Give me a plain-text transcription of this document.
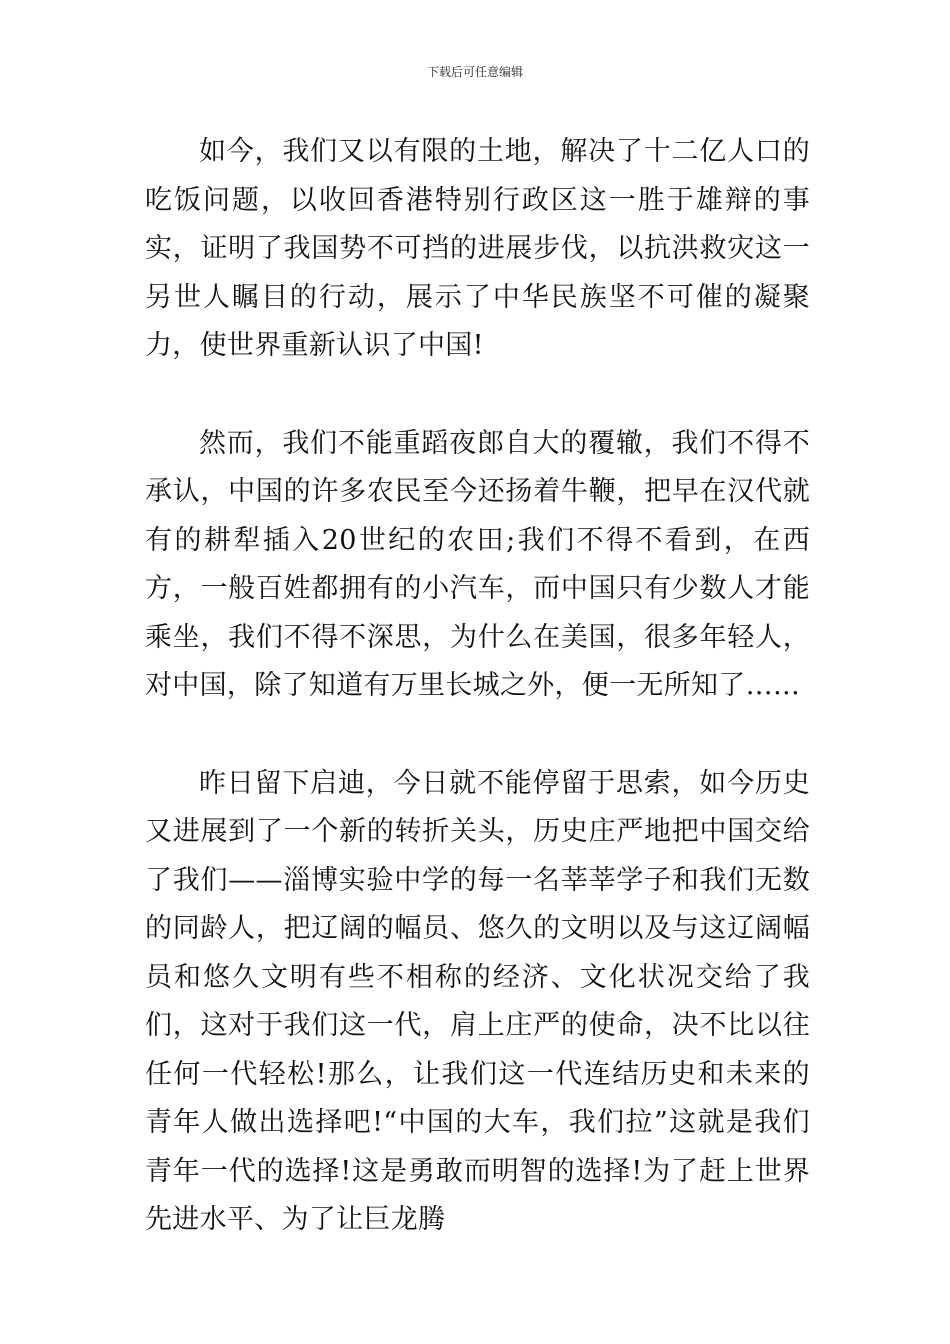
下载后可任意编辑

如今，我们又以有限的土地，解决了十二亿人口的吃饭问题，以收回香港特别行政区这一胜于雄辩的事实，证明了我国势不可挡的进展步伐，以抗洪救灾这一另世人瞩目的行动，展示了中华民族坚不可催的凝聚力，使世界重新认识了中国!

然而，我们不能重蹈夜郎自大的覆辙，我们不得不承认，中国的许多农民至今还扬着牛鞭，把早在汉代就有的耕犁插入20世纪的农田;我们不得不看到，在西方，一般百姓都拥有的小汽车，而中国只有少数人才能乘坐，我们不得不深思，为什么在美国，很多年轻人，对中国，除了知道有万里长城之外，便一无所知了……

昨日留下启迪，今日就不能停留于思索，如今历史又进展到了一个新的转折关头，历史庄严地把中国交给了我们——淄博实验中学的每一名莘莘学子和我们无数的同龄人，把辽阔的幅员、悠久的文明以及与这辽阔幅员和悠久文明有些不相称的经济、文化状况交给了我们，这对于我们这一代，肩上庄严的使命，决不比以往任何一代轻松!那么，让我们这一代连结历史和未来的青年人做出选择吧!“中国的大车，我们拉”这就是我们青年一代的选择!这是勇敢而明智的选择!为了赶上世界先进水平、为了让巨龙腾
